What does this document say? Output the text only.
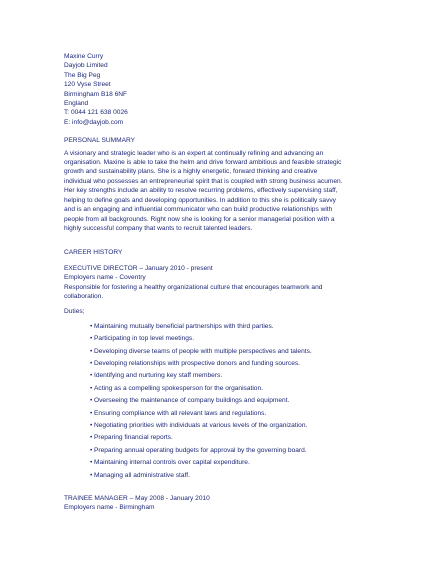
Maxine Curry
Dayjob Limited
The Big Peg
120 Vyse Street
Birmingham B18 6NF
England
T: 0044 121 638 0026
E: info@dayjob.com
PERSONAL SUMMARY
A visionary and strategic leader who is an expert at continually refining and advancing an
organisation. Maxine is able to take the helm and drive forward ambitious and feasible strategic
growth and sustainability plans. She is a highly energetic, forward thinking and creative
individual who possesses an entrepreneurial spirit that is coupled with strong business acumen.
Her key strengths include an ability to resolve recurring problems, effectively supervising staff,
helping to define goals and developing opportunities. In addition to this she is politically savvy
and is an engaging and influential communicator who can build productive relationships with
people from all backgrounds. Right now she is looking for a senior managerial position with a
highly successful company that wants to recruit talented leaders.
CAREER HISTORY
EXECUTIVE DIRECTOR – January 2010 - present
Employers name - Coventry
Responsible for fostering a healthy organizational culture that encourages teamwork and
collaboration.
Duties;
• Maintaining mutually beneficial partnerships with third parties.
• Participating in top level meetings.
• Developing diverse teams of people with multiple perspectives and talents.
• Developing relationships with prospective donors and funding sources.
• Identifying and nurturing key staff members.
• Acting as a compelling spokesperson for the organisation.
• Overseeing the maintenance of company buildings and equipment.
• Ensuring compliance with all relevant laws and regulations.
• Negotiating priorities with individuals at various levels of the organization.
• Preparing financial reports.
• Preparing annual operating budgets for approval by the governing board.
• Maintaining internal controls over capital expenditure.
• Managing all administrative staff.
TRAINEE MANAGER – May 2008 - January 2010
Employers name - Birmingham
